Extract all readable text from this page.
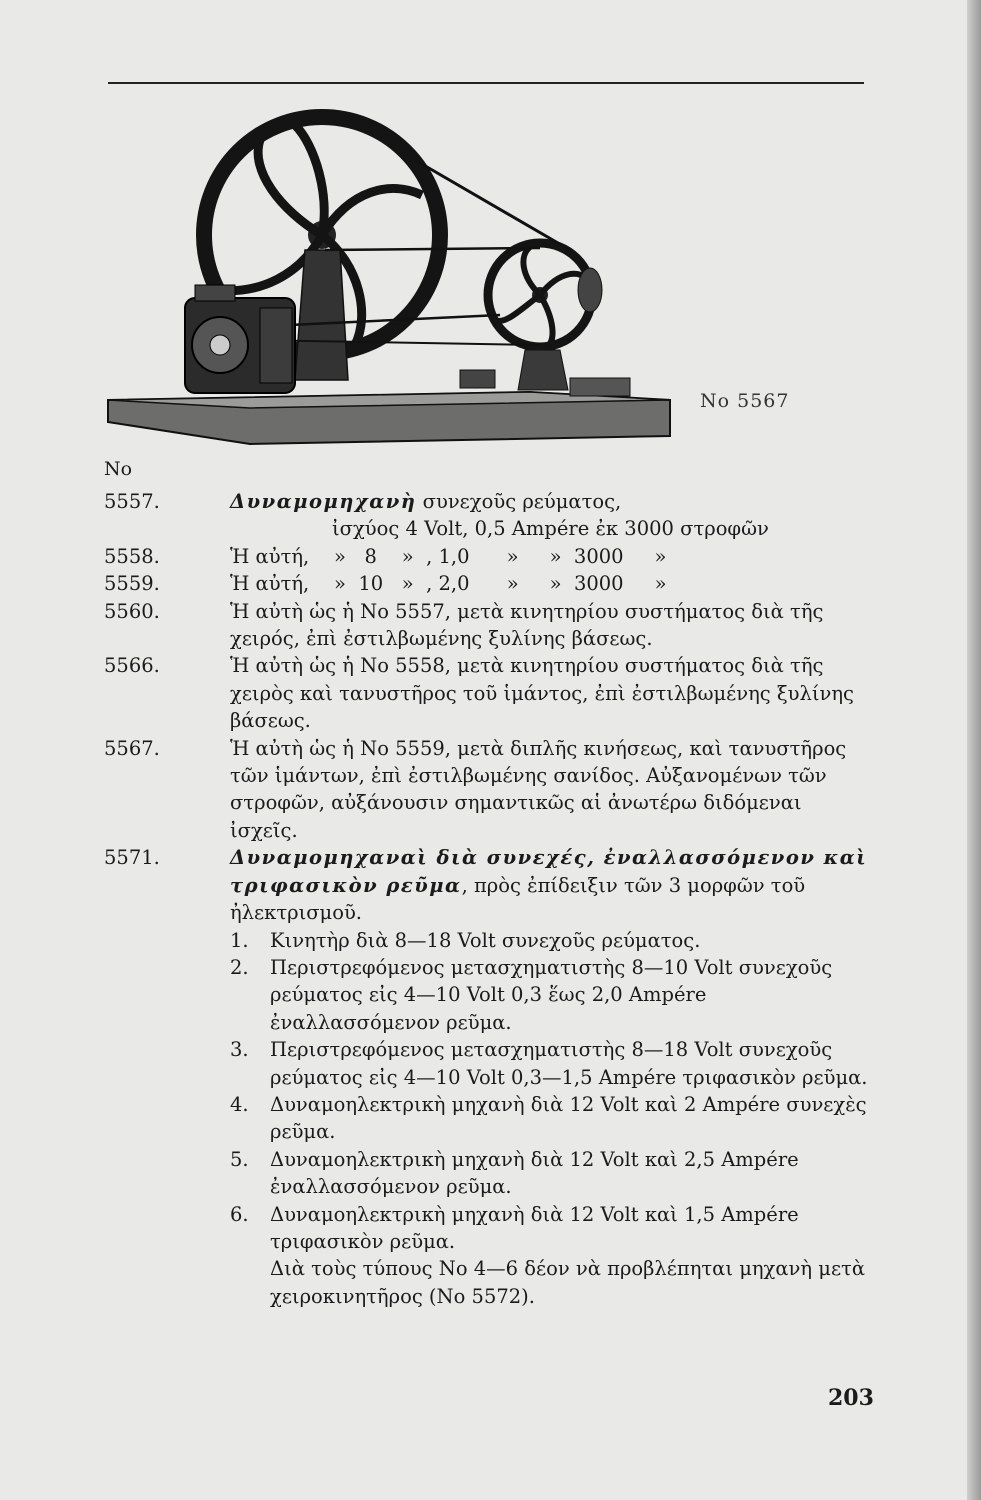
No 5567
No
5557.	Δυναμομηχανὴ συνεχοῦς ρεύματος,
ἰσχύος 4 Volt, 0,5 Ampére ἐκ 3000 στροφῶν
5558.	Ἡ αὐτή,    »   8    »  , 1,0      »     »  3000     »
5559.	Ἡ αὐτή,    »  10   »  , 2,0      »     »  3000     »
5560.	Ἡ αὐτὴ ὡς ἡ Νο 5557, μετὰ κινητηρίου συστήματος διὰ τῆς χειρός, ἐπὶ ἐστιλβωμένης ξυλίνης βάσεως.
5566.	Ἡ αὐτὴ ὡς ἡ Νο 5558, μετὰ κινητηρίου συστήματος διὰ τῆς χειρὸς καὶ τανυστῆρος τοῦ ἱμάντος, ἐπὶ ἐστιλβωμένης ξυλίνης βάσεως.
5567.	Ἡ αὐτὴ ὡς ἡ Νο 5559, μετὰ διπλῆς κινήσεως, καὶ τανυστῆρος τῶν ἱμάντων, ἐπὶ ἐστιλβωμένης σανίδος. Αὐξανομένων τῶν στροφῶν, αὐξάνουσιν σημαντικῶς αἱ ἀνωτέρω διδόμεναι ἰσχεῖς.
5571.	Δυναμομηχαναὶ διὰ συνεχές, ἐναλλασσόμενον καὶ τριφασικὸν ρεῦμα, πρὸς ἐπίδειξιν τῶν 3 μορφῶν τοῦ ἠλεκτρισμοῦ.
1. Κινητὴρ διὰ 8—18 Volt συνεχοῦς ρεύματος.
2. Περιστρεφόμενος μετασχηματιστὴς 8—10 Volt συνεχοῦς ρεύματος εἰς 4—10 Volt 0,3 ἕως 2,0 Ampére ἐναλλασσόμενον ρεῦμα.
3. Περιστρεφόμενος μετασχηματιστὴς 8—18 Volt συνεχοῦς ρεύματος εἰς 4—10 Volt 0,3—1,5 Ampére τριφασικὸν ρεῦμα.
4. Δυναμοηλεκτρικὴ μηχανὴ διὰ 12 Volt καὶ 2 Ampére συνεχὲς ρεῦμα.
5. Δυναμοηλεκτρικὴ μηχανὴ διὰ 12 Volt καὶ 2,5 Ampére ἐναλλασσόμενον ρεῦμα.
6. Δυναμοηλεκτρικὴ μηχανὴ διὰ 12 Volt καὶ 1,5 Ampére τριφασικὸν ρεῦμα.
Διὰ τοὺς τύπους Νο 4—6 δέον νὰ προβλέπηται μηχανὴ μετὰ χειροκινητῆρος (Νο 5572).
203
